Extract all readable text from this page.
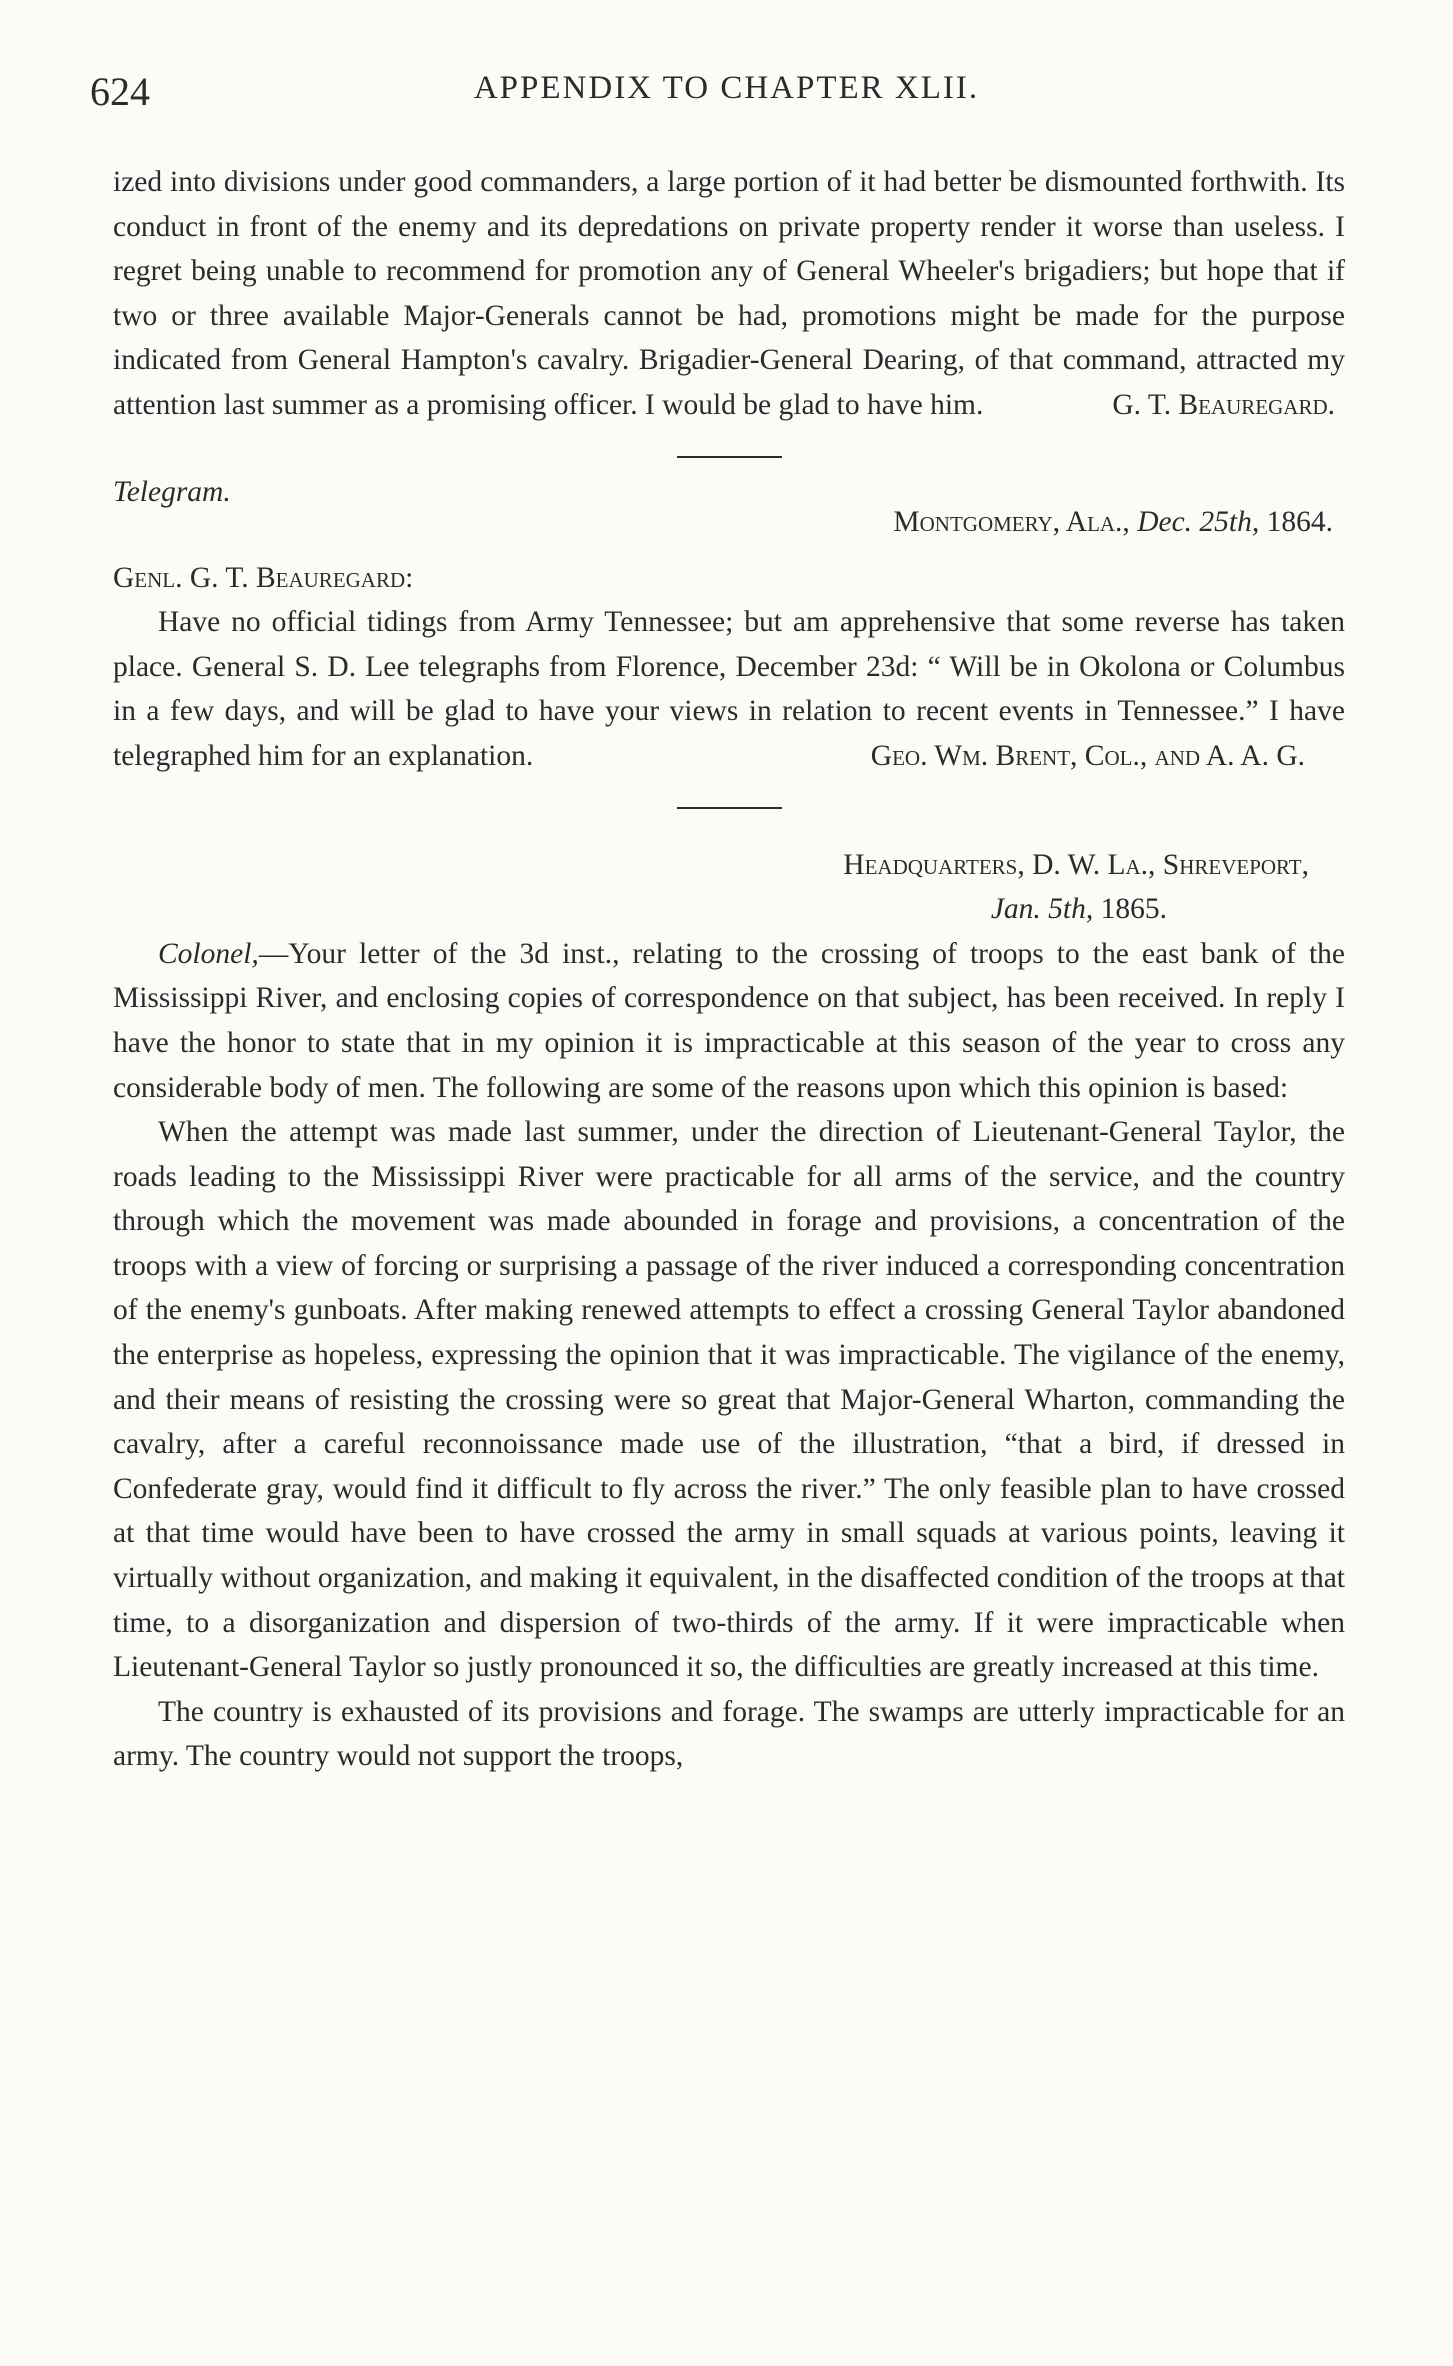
624	APPENDIX TO CHAPTER XLII.

ized into divisions under good commanders, a large portion of it had better be dismounted forthwith. Its conduct in front of the enemy and its depredations on private property render it worse than useless. I regret being unable to recommend for promotion any of General Wheeler's brigadiers; but hope that if two or three available Major-Generals cannot be had, promotions might be made for the purpose indicated from General Hampton's cavalry. Brigadier-General Dearing, of that command, attracted my attention last summer as a promising officer. I would be glad to have him.	G. T. Beauregard.

Telegram.
Montgomery, Ala., Dec. 25th, 1864.

Genl. G. T. Beauregard:

Have no official tidings from Army Tennessee; but am apprehensive that some reverse has taken place. General S. D. Lee telegraphs from Florence, December 23d: “ Will be in Okolona or Columbus in a few days, and will be glad to have your views in relation to recent events in Tennessee.” I have telegraphed him for an explanation.	Geo. Wm. Brent, Col., and A. A. G.

Headquarters, D. W. La., Shreveport,

Jan. 5th, 1865.

Colonel,—Your letter of the 3d inst., relating to the crossing of troops to the east bank of the Mississippi River, and enclosing copies of correspondence on that subject, has been received. In reply I have the honor to state that in my opinion it is impracticable at this season of the year to cross any considerable body of men. The following are some of the reasons upon which this opinion is based:

When the attempt was made last summer, under the direction of Lieutenant-General Taylor, the roads leading to the Mississippi River were practicable for all arms of the service, and the country through which the movement was made abounded in forage and provisions, a concentration of the troops with a view of forcing or surprising a passage of the river induced a corresponding concentration of the enemy's gunboats. After making renewed attempts to effect a crossing General Taylor abandoned the enterprise as hopeless, expressing the opinion that it was impracticable. The vigilance of the enemy, and their means of resisting the crossing were so great that Major-General Wharton, commanding the cavalry, after a careful reconnoissance made use of the illustration, “that a bird, if dressed in Confederate gray, would find it difficult to fly across the river.” The only feasible plan to have crossed at that time would have been to have crossed the army in small squads at various points, leaving it virtually without organization, and making it equivalent, in the disaffected condition of the troops at that time, to a disorganization and dispersion of two-thirds of the army. If it were impracticable when Lieutenant-General Taylor so justly pronounced it so, the difficulties are greatly increased at this time.

The country is exhausted of its provisions and forage. The swamps are utterly impracticable for an army. The country would not support the troops,
